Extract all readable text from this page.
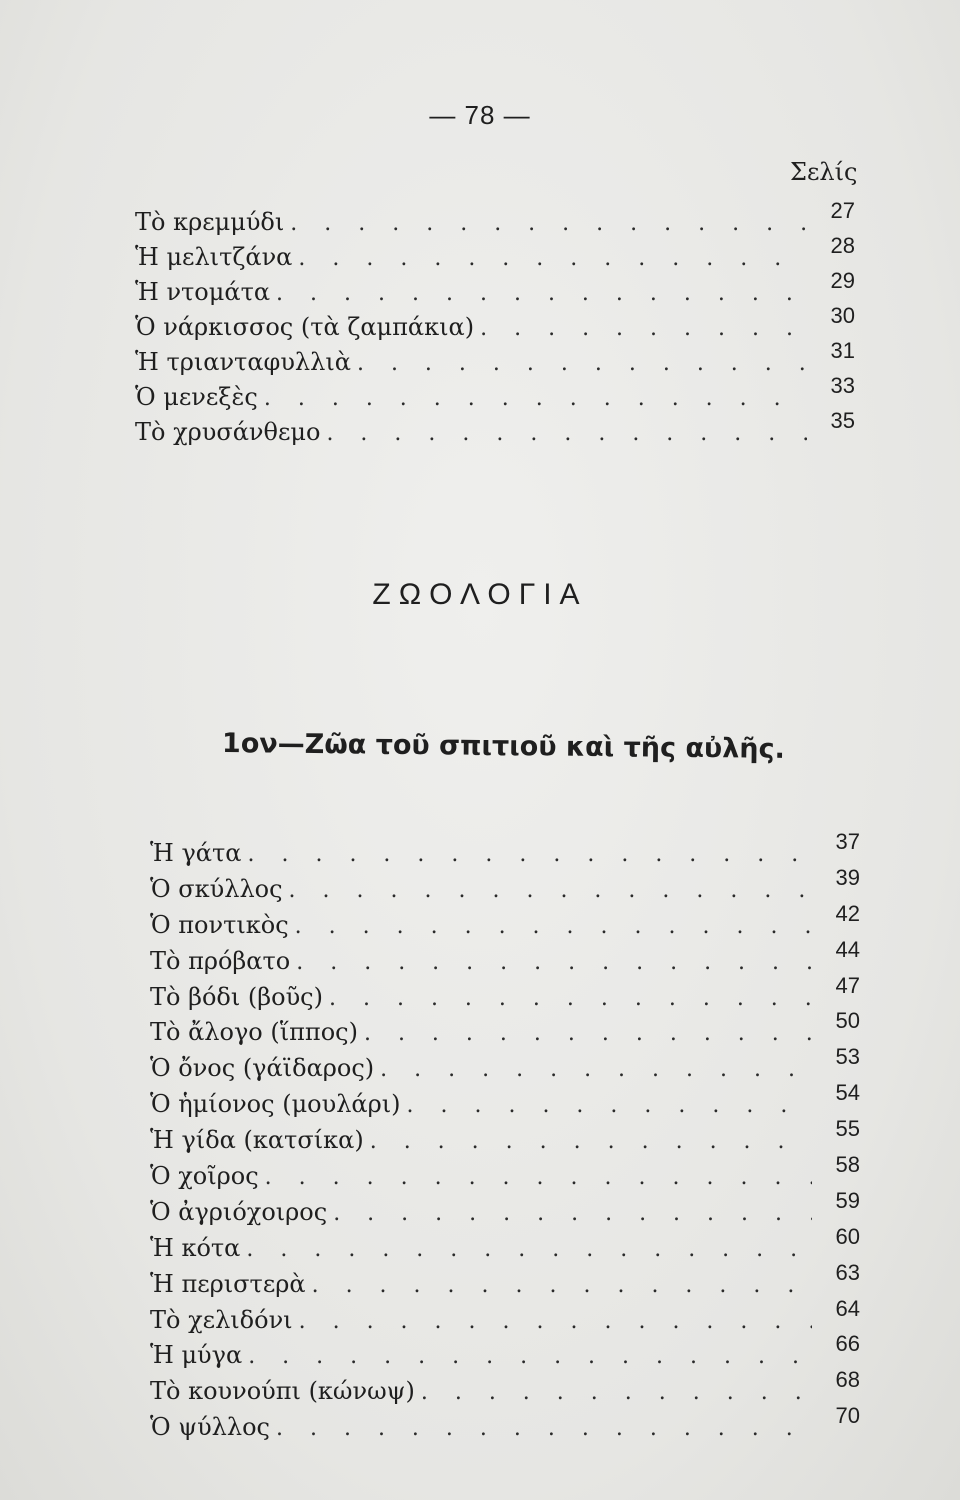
— 78 —
Σελίς
Τὸ κρεμμύδι . . .	27
Ἡ μελιτζάνα . . .	28
Ἡ ντομάτα . . .	29
Ὁ νάρκισσος (τὰ ζαμπάκια) . . .	30
Ἡ τριανταφυλλιὰ . . .	31
Ὁ μενεξὲς . . .	33
Τὸ χρυσάνθεμο . . .	35
ΖΩΟΛΟΓΙΑ
1ον—Ζῶα τοῦ σπιτιοῦ καὶ τῆς αὐλῆς.
Ἡ γάτα . . .	37
Ὁ σκύλλος . . .	39
Ὁ ποντικὸς . . .	42
Τὸ πρόβατο . . .	44
Τὸ βόδι (βοῦς) . . .	47
Τὸ ἄλογο (ἵππος) . . .	50
Ὁ ὄνος (γάϊδαρος) . . .	53
Ὁ ἡμίονος (μουλάρι) . . .	54
Ἡ γίδα (κατσίκα) . . .	55
Ὁ χοῖρος . . .	58
Ὁ ἀγριόχοιρος . . .	59
Ἡ κότα . . .	60
Ἡ περιστερὰ . . .	63
Τὸ χελιδόνι . . .	64
Ἡ μύγα . . .	66
Τὸ κουνούπι (κώνωψ) . . .	68
Ὁ ψύλλος . . .	70
